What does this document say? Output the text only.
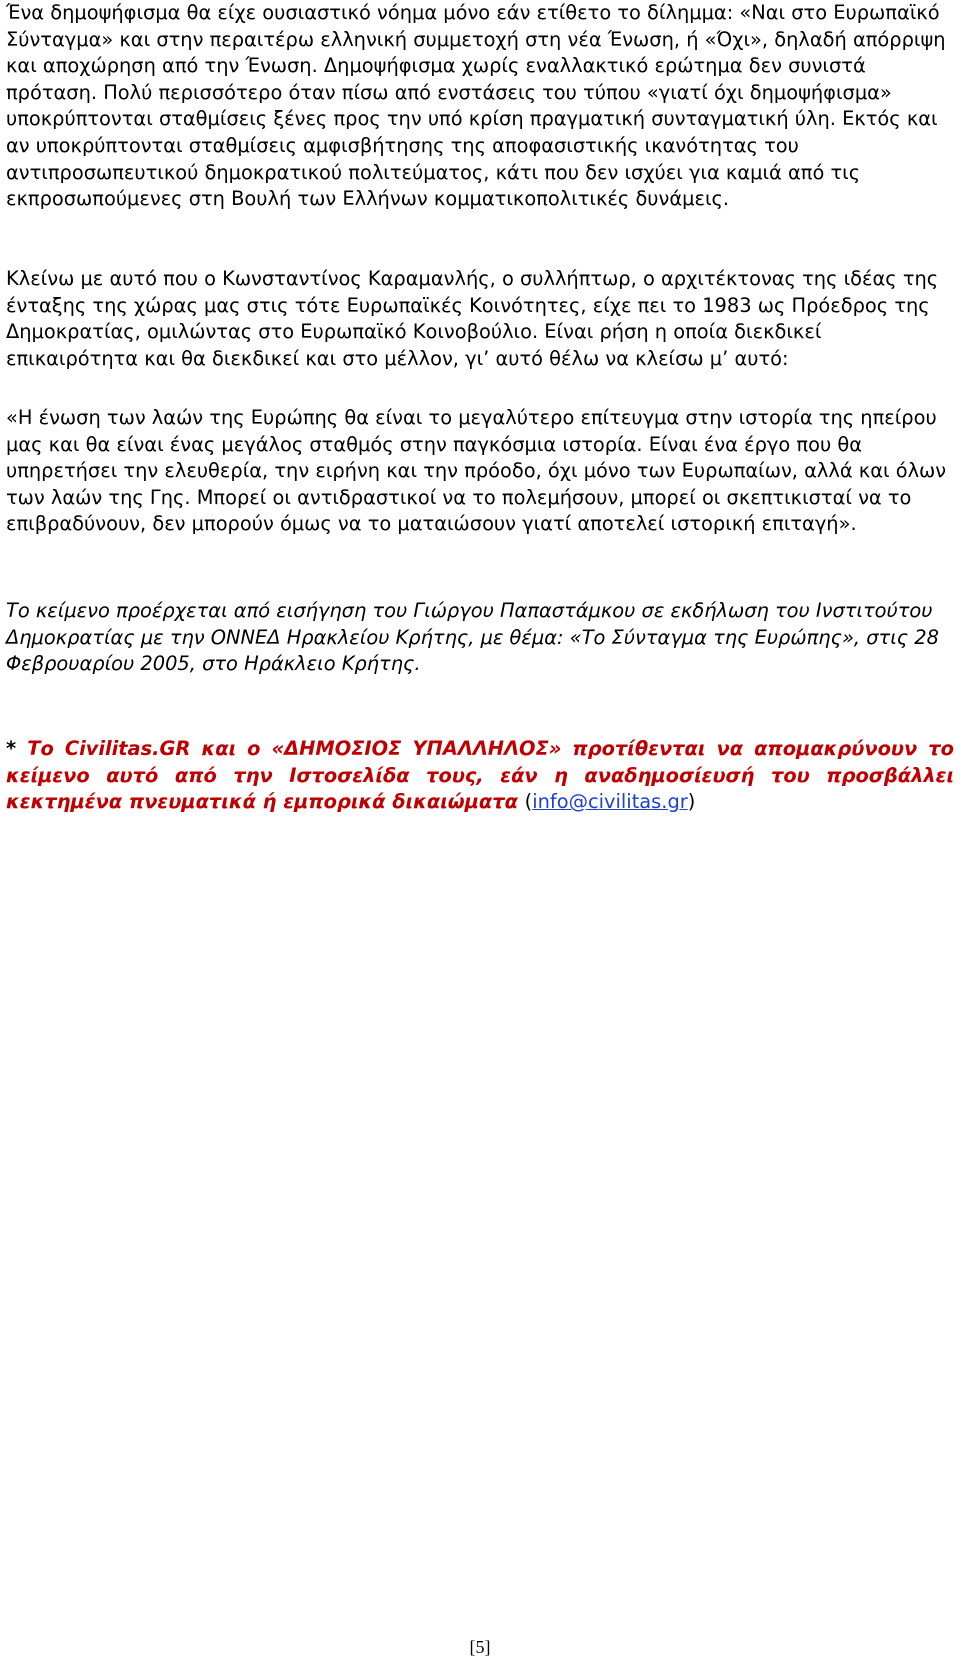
Ένα δημοψήφισμα θα είχε ουσιαστικό νόημα μόνο εάν ετίθετο το δίλημμα: «Ναι στο Ευρωπαϊκό Σύνταγμα» και στην περαιτέρω ελληνική συμμετοχή στη νέα Ένωση, ή «Όχι», δηλαδή απόρριψη και αποχώρηση από την Ένωση. Δημοψήφισμα χωρίς εναλλακτικό ερώτημα δεν συνιστά πρόταση. Πολύ περισσότερο όταν πίσω από ενστάσεις του τύπου «γιατί όχι δημοψήφισμα» υποκρύπτονται σταθμίσεις ξένες προς την υπό κρίση πραγματική συνταγματική ύλη. Εκτός και αν υποκρύπτονται σταθμίσεις αμφισβήτησης της αποφασιστικής ικανότητας του αντιπροσωπευτικού δημοκρατικού πολιτεύματος, κάτι που δεν ισχύει για καμιά από τις εκπροσωπούμενες στη Βουλή των Ελλήνων κομματικοπολιτικές δυνάμεις.

Κλείνω με αυτό που ο Κωνσταντίνος Καραμανλής, ο συλλήπτωρ, ο αρχιτέκτονας της ιδέας της ένταξης της χώρας μας στις τότε Ευρωπαϊκές Κοινότητες, είχε πει το 1983 ως Πρόεδρος της Δημοκρατίας, ομιλώντας στο Ευρωπαϊκό Κοινοβούλιο. Είναι ρήση η οποία διεκδικεί επικαιρότητα και θα διεκδικεί και στο μέλλον, γι’ αυτό θέλω να κλείσω μ’ αυτό:

«Η ένωση των λαών της Ευρώπης θα είναι το μεγαλύτερο επίτευγμα στην ιστορία της ηπείρου μας και θα είναι ένας μεγάλος σταθμός στην παγκόσμια ιστορία. Είναι ένα έργο που θα υπηρετήσει την ελευθερία, την ειρήνη και την πρόοδο, όχι μόνο των Ευρωπαίων, αλλά και όλων των λαών της Γης. Μπορεί οι αντιδραστικοί να το πολεμήσουν, μπορεί οι σκεπτικισταί να το επιβραδύνουν, δεν μπορούν όμως να το ματαιώσουν γιατί αποτελεί ιστορική επιταγή».

Το κείμενο προέρχεται από εισήγηση του Γιώργου Παπαστάμκου σε εκδήλωση του Ινστιτούτου Δημοκρατίας με την ΟΝΝΕΔ Ηρακλείου Κρήτης, με θέμα: «Το Σύνταγμα της Ευρώπης», στις 28 Φεβρουαρίου 2005, στο Ηράκλειο Κρήτης.

* Το Civilitas.GR και ο «ΔΗΜΟΣΙΟΣ ΥΠΑΛΛΗΛΟΣ» προτίθενται να απομακρύνουν το κείμενο αυτό από την Ιστοσελίδα τους, εάν η αναδημοσίευσή του προσβάλλει κεκτημένα πνευματικά ή εμπορικά δικαιώματα (info@civilitas.gr)

[5]
